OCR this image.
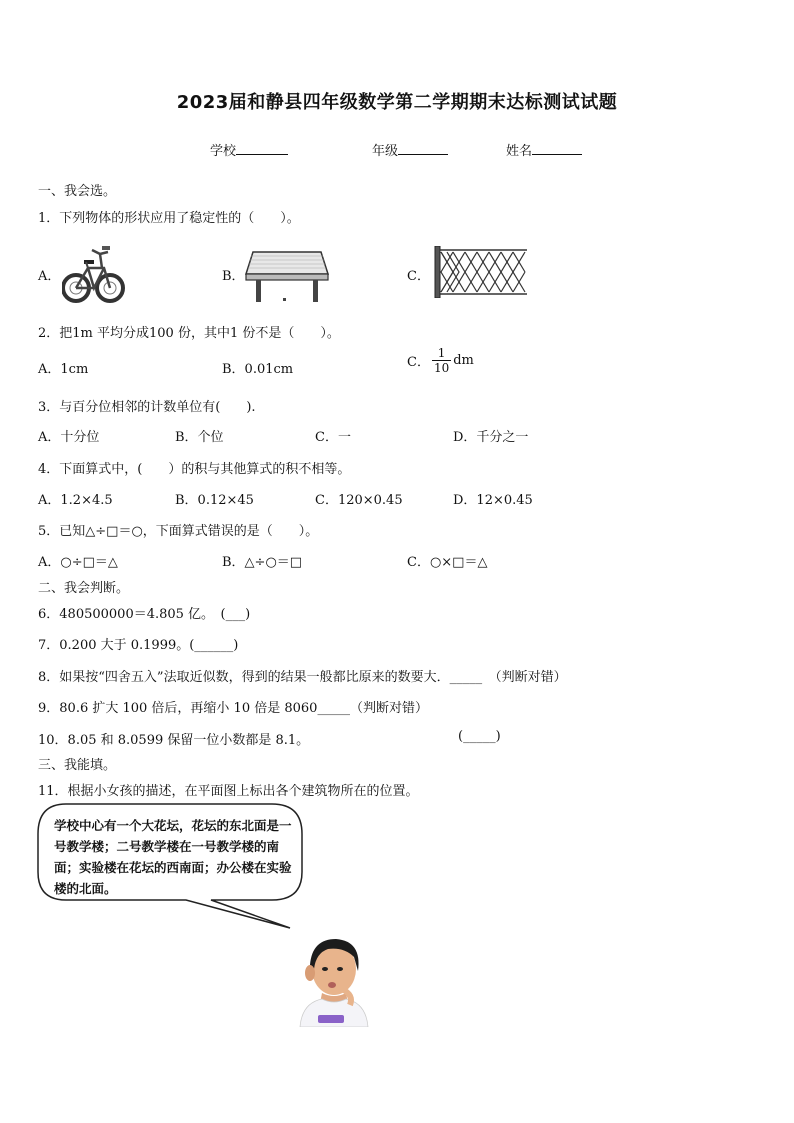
2023届和静县四年级数学第二学期期末达标测试试题
学校	年级	姓名
一、我会选。
1．下列物体的形状应用了稳定性的（　　）。
A．	B．	C．
2．把1m 平均分成100 份，其中1 份不是（　　）。
A．1cm	B．0.01cm	C． $\frac{1}{10}$ dm
3．与百分位相邻的计数单位有(　　).
A．十分位	B．个位	C．一	D．千分之一
4．下面算式中，(　　）的积与其他算式的积不相等。
A．1.2×4.5	B．0.12×45	C．120×0.45	D．12×0.45
5．已知△÷□＝○，下面算式错误的是（　　）。
A．○÷□＝△	B．△÷○＝□	C．○×□＝△
二、我会判断。
6．480500000＝4.805 亿。　(___)
7．0.200 大于 0.1999。(______)
8．如果按“四舍五入”法取近似数，得到的结果一般都比原来的数要大．_____　（判断对错）
9．80.6 扩大 100 倍后，再缩小 10 倍是 8060_____（判断对错）
10．8.05 和 8.0599 保留一位小数都是 8.1。	(_____)
三、我能填。
11．根据小女孩的描述，在平面图上标出各个建筑物所在的位置。
学校中心有一个大花坛，花坛的东北面是一号教学楼；二号教学楼在一号教学楼的南面；实验楼在花坛的西南面；办公楼在实验楼的北面。
